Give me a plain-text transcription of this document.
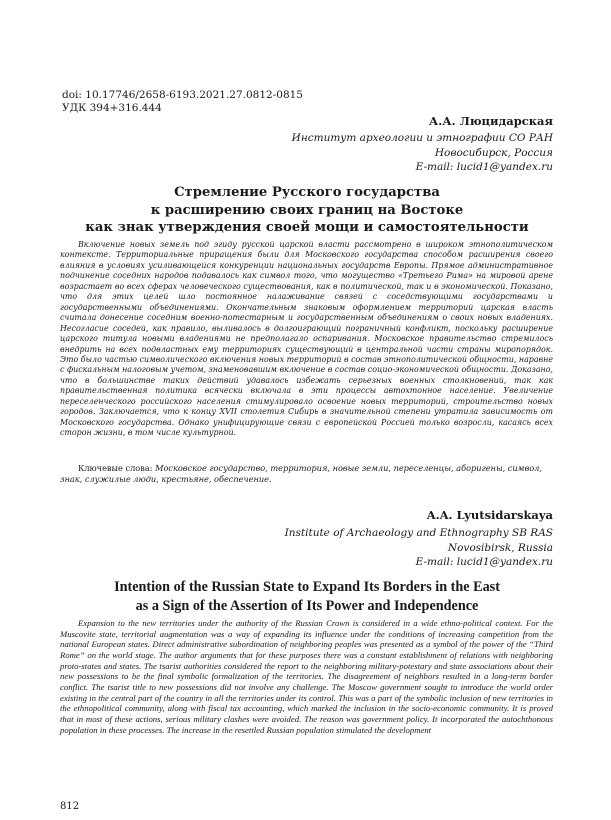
doi: 10.17746/2658-6193.2021.27.0812-0815
УДК 394+316.444
А.А. Люцидарская
Институт археологии и этнографии СО РАН
Новосибирск, Россия
E-mail: lucid1@yandex.ru
Стремление Русского государства
к расширению своих границ на Востоке
как знак утверждения своей мощи и самостоятельности
Включение новых земель под эгиду русской царской власти рассмотрено в широком этнополитическом контексте. Территориальные приращения были для Московского государства способом расширения своего влияния в условиях усиливающейся конкуренции национальных государств Европы. Прямое административное подчинение соседних народов подавалось как символ того, что могущество «Третьего Рима» на мировой арене возрастает во всех сферах человеческого существования, как в политической, так и в экономической. Показано, что для этих целей шло постоянное налаживание связей с соседствующими государствами и государственными объединениями. Окончательным знаковым оформлением территорий царская власть считала донесение соседним военно-потестарным и государственным объединениям о своих новых владениях. Несогласие соседей, как правило, выливалось в долгоиграющий пограничный конфликт, поскольку расширение царского титула новыми владениями не предполагало оспаривания. Московское правительство стремилось внедрить на всех подвластных ему территориях существующий в центральной части страны миропорядок. Это было частью символического включения новых территорий в состав этнополитической общности, наравне с фискальным налоговым учетом, знаменовавшим включение в состав социо-экономической общности. Доказано, что в большинстве таких действий удавалось избежать серьезных военных столкновений, так как правительственная политика всячески включала в эти процессы автохтонное население. Увеличение переселенческого российского населения стимулировало освоение новых территорий, строительство новых городов. Заключается, что к концу XVII столетия Сибирь в значительной степени утратила зависимость от Московского государства. Однако унифицирующие связи с европейской Россией только возросли, касаясь всех сторон жизни, в том числе культурной.
Ключевые слова: Московское государство, территория, новые земли, переселенцы, аборигены, символ, знак, служилые люди, крестьяне, обеспечение.
A.A. Lyutsidarskaya
Institute of Archaeology and Ethnography SB RAS
Novosibirsk, Russia
E-mail: lucid1@yandex.ru
Intention of the Russian State to Expand Its Borders in the East
as a Sign of the Assertion of Its Power and Independence
Expansion to the new territories under the authority of the Russian Crown is considered in a wide ethno-political context. For the Muscovite state, territorial augmentation was a way of expanding its influence under the conditions of increasing competition from the national European states. Direct administrative subordination of neighboring peoples was presented as a symbol of the power of the “Third Rome” on the world stage. The author arguments that for these purposes there was a constant establishment of relations with neighboring proto-states and states. The tsarist authorities considered the report to the neighboring military-potestary and state associations about their new possessions to be the final symbolic formalization of the territories. The disagreement of neighbors resulted in a long-term border conflict. The tsarist title to new possessions did not involve any challenge. The Moscow government sought to introduce the world order existing in the central part of the country in all the territories under its control. This was a part of the symbolic inclusion of new territories in the ethnopolitical community, along with fiscal tax accounting, which marked the inclusion in the socio-economic community. It is proved that in most of these actions, serious military clashes were avoided. The reason was government policy. It incorporated the autochthonous population in these processes. The increase in the resettled Russian population stimulated the development
812
